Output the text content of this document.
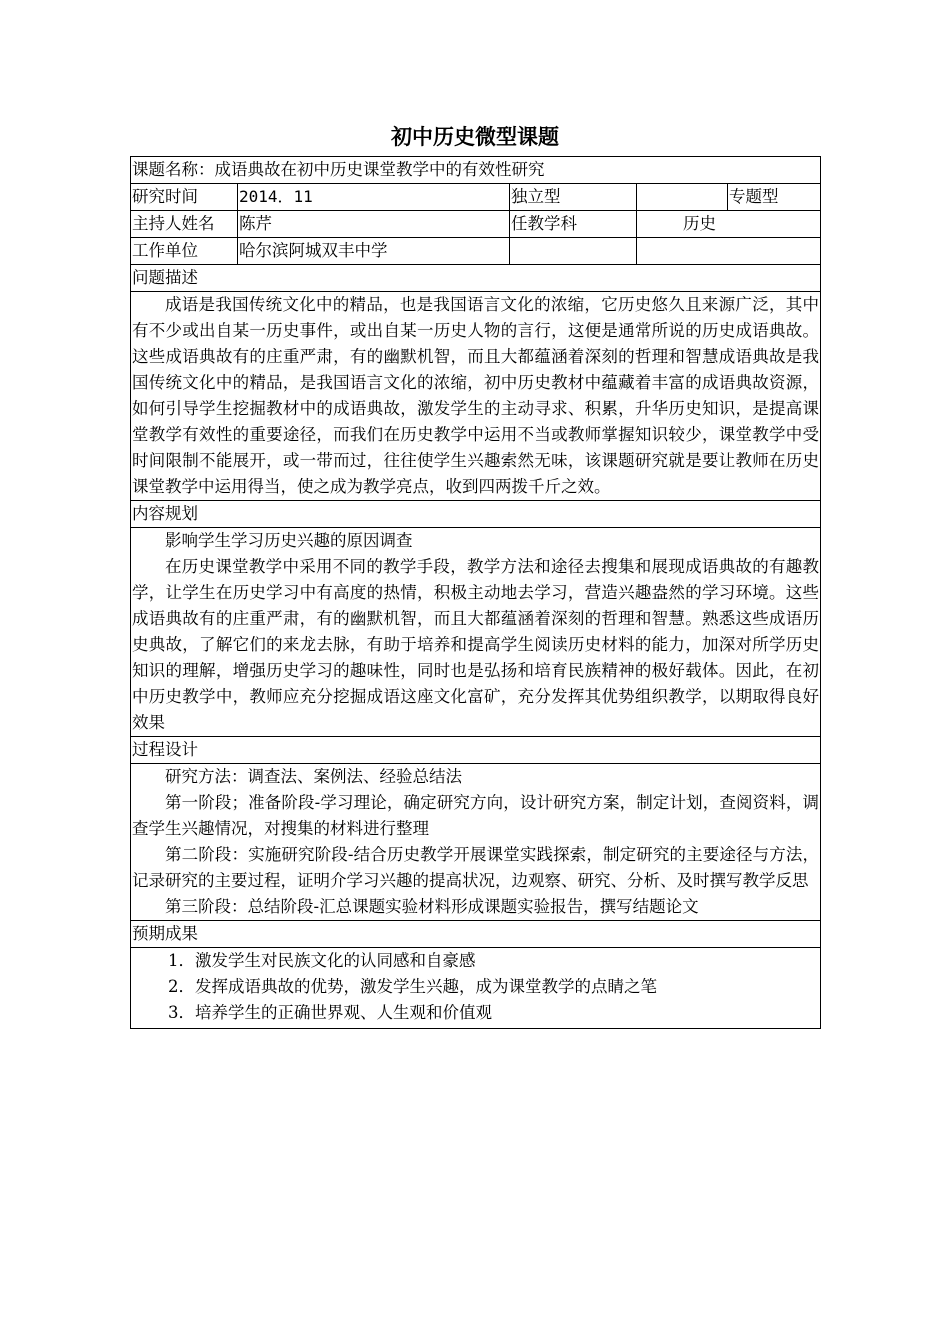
初中历史微型课题
课题名称：成语典故在初中历史课堂教学中的有效性研究				
研究时间	2014．11	独立型		专题型
主持人姓名	陈芹	任教学科	历史	
工作单位	哈尔滨阿城双丰中学			
问题描述				

成语是我国传统文化中的精品，也是我国语言文化的浓缩，它历史悠久且来源广泛，其中有不少或出自某一历史事件，或出自某一历史人物的言行，这便是通常所说的历史成语典故。这些成语典故有的庄重严肃，有的幽默机智，而且大都蕴涵着深刻的哲理和智慧成语典故是我国传统文化中的精品，是我国语言文化的浓缩，初中历史教材中蕴藏着丰富的成语典故资源，如何引导学生挖掘教材中的成语典故，激发学生的主动寻求、积累，升华历史知识，是提高课堂教学有效性的重要途径，而我们在历史教学中运用不当或教师掌握知识较少，课堂教学中受时间限制不能展开，或一带而过，往往使学生兴趣索然无味，该课题研究就是要让教师在历史课堂教学中运用得当，使之成为教学亮点，收到四两拨千斤之效。				

内容规划				

影响学生学习历史兴趣的原因调查

在历史课堂教学中采用不同的教学手段，教学方法和途径去搜集和展现成语典故的有趣教学，让学生在历史学习中有高度的热情，积极主动地去学习，营造兴趣盎然的学习环境。这些成语典故有的庄重严肃，有的幽默机智，而且大都蕴涵着深刻的哲理和智慧。熟悉这些成语历史典故，了解它们的来龙去脉，有助于培养和提高学生阅读历史材料的能力，加深对所学历史知识的理解，增强历史学习的趣味性，同时也是弘扬和培育民族精神的极好载体。因此，在初中历史教学中，教师应充分挖掘成语这座文化富矿，充分发挥其优势组织教学，以期取得良好效果				

过程设计				

研究方法：调查法、案例法、经验总结法

第一阶段；准备阶段-学习理论，确定研究方向，设计研究方案，制定计划，查阅资料，调查学生兴趣情况，对搜集的材料进行整理

第二阶段：实施研究阶段-结合历史教学开展课堂实践探索，制定研究的主要途径与方法，记录研究的主要过程，证明介学习兴趣的提高状况，边观察、研究、分析、及时撰写教学反思

第三阶段：总结阶段-汇总课题实验材料形成课题实验报告，撰写结题论文				

预期成果				

1．激发学生对民族文化的认同感和自豪感

2．发挥成语典故的优势，激发学生兴趣，成为课堂教学的点睛之笔

3．培养学生的正确世界观、人生观和价值观				
